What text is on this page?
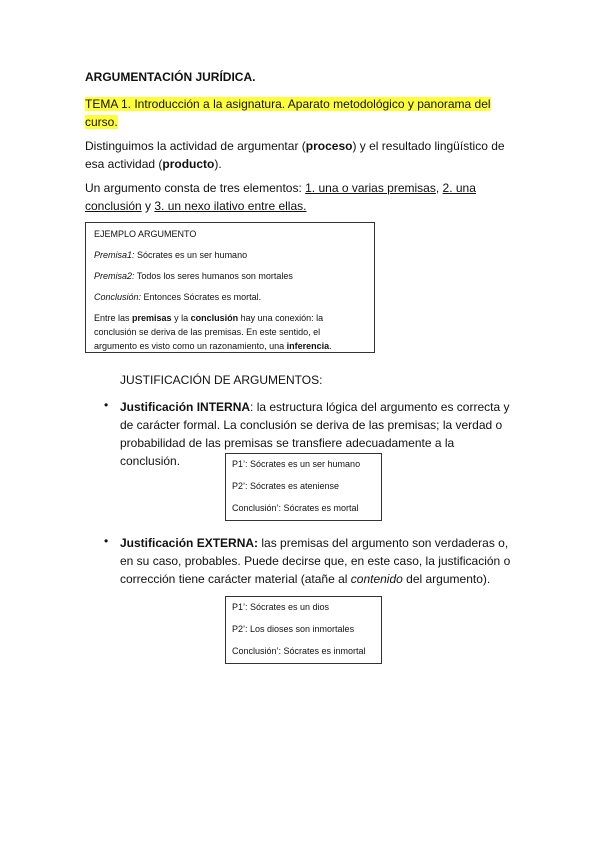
ARGUMENTACIÓN JURÍDICA.
TEMA 1. Introducción a la asignatura. Aparato metodológico y panorama del curso.
Distinguimos la actividad de argumentar (proceso) y el resultado lingüístico de esa actividad (producto).
Un argumento consta de tres elementos: 1. una o varias premisas, 2. una conclusión y 3. un nexo ilativo entre ellas.
EJEMPLO ARGUMENTO
Premisa1: Sócrates es un ser humano
Premisa2: Todos los seres humanos son mortales
Conclusión: Entonces Sócrates es mortal.
Entre las premisas y la conclusión hay una conexión: la conclusión se deriva de las premisas. En este sentido, el argumento es visto como un razonamiento, una inferencia.
JUSTIFICACIÓN DE ARGUMENTOS:
• Justificación INTERNA: la estructura lógica del argumento es correcta y de carácter formal. La conclusión se deriva de las premisas; la verdad o probabilidad de las premisas se transfiere adecuadamente a la conclusión.	P1’: Sócrates es un ser humano
P2’: Sócrates es ateniense
Conclusión’: Sócrates es mortal
• Justificación EXTERNA: las premisas del argumento son verdaderas o, en su caso, probables. Puede decirse que, en este caso, la justificación o corrección tiene carácter material (atañe al contenido del argumento).
P1’: Sócrates es un dios
P2’: Los dioses son inmortales
Conclusión’: Sócrates es inmortal
